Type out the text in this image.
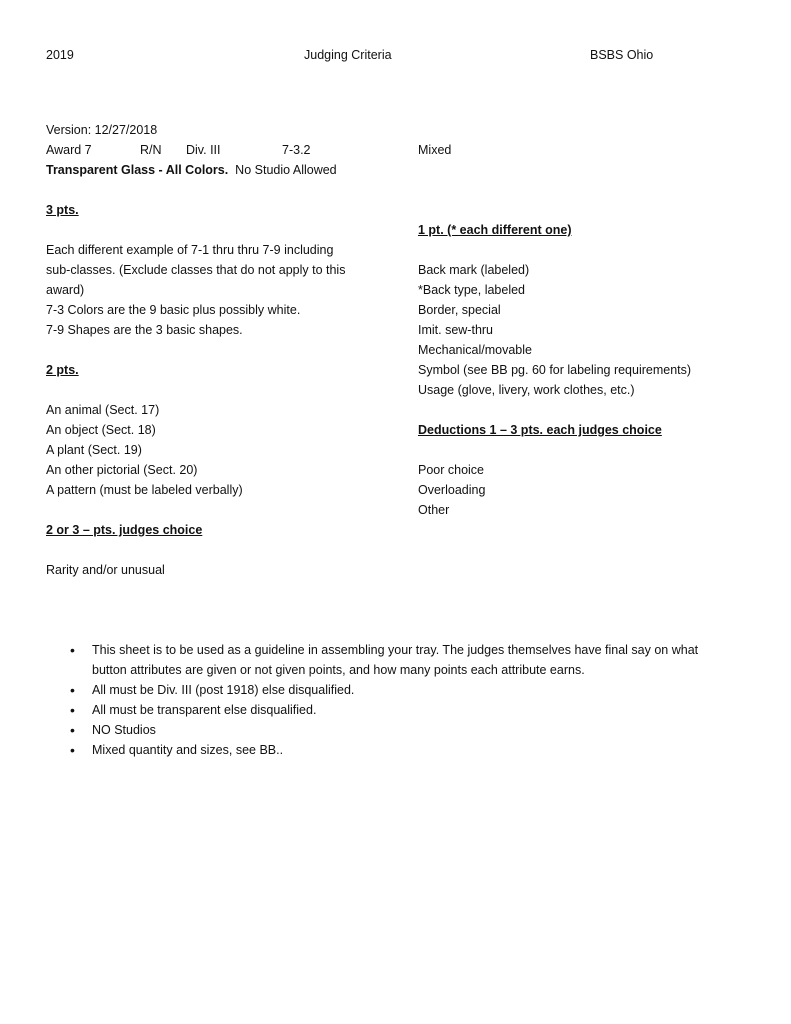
2019	Judging Criteria	BSBS Ohio
Version: 12/27/2018
Award 7	R/N Div. III	7-3.2	Mixed
Transparent Glass - All Colors.  No Studio Allowed
3 pts.
Each different example of 7-1 thru thru 7-9 including
sub-classes. (Exclude classes that do not apply to this
award)
7-3 Colors are the 9 basic plus possibly white.
7-9 Shapes are the 3 basic shapes.
2 pts.
An animal (Sect. 17)
An object (Sect. 18)
A plant (Sect. 19)
An other pictorial (Sect. 20)
A pattern (must be labeled verbally)
2 or 3 – pts. judges choice
Rarity and/or unusual
1 pt. (* each different one)
Back mark (labeled)
*Back type, labeled
Border, special
Imit. sew-thru
Mechanical/movable
Symbol (see BB pg. 60 for labeling requirements)
Usage (glove, livery, work clothes, etc.)
Deductions 1 – 3 pts. each judges choice
Poor choice
Overloading
Other
•
This sheet is to be used as a guideline in assembling your tray. The judges themselves have final say on what
button attributes are given or not given points, and how many points each attribute earns.
•
All must be Div. III (post 1918) else disqualified.
•
All must be transparent else disqualified.
•
NO Studios
•
Mixed quantity and sizes, see BB..
